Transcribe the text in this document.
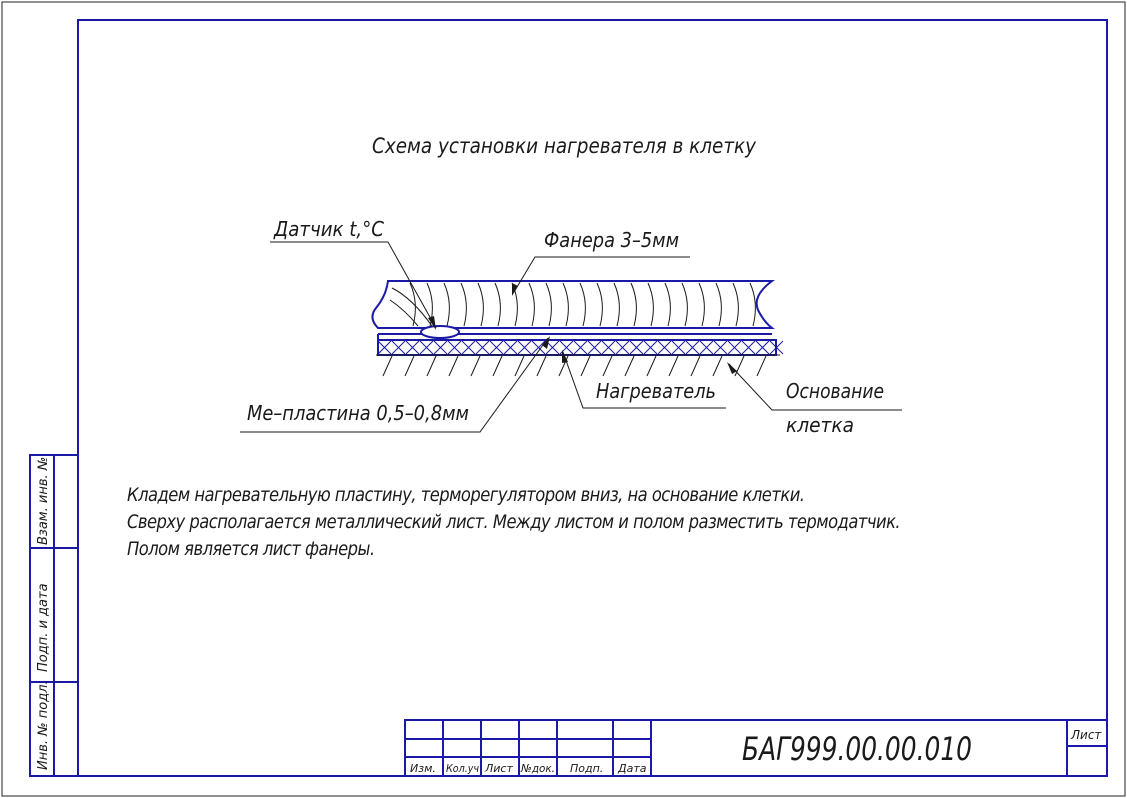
Взам. инв. №
Подп. и дата
Инв. № подл.	Изм. Кол.уч Лист №док. Подп. Дата
БАГ999.00.00.010	Лист
Схема установки нагревателя в клетку
Датчик t,°C	Фанера 3–5мм
Ме–пластина 0,5–0,8мм
Нагреватель	Основание
клетка
Кладем нагревательную пластину, терморегулятором вниз, на основание клетки.
Сверху располагается металлический лист. Между листом и полом разместить термодатчик.
Полом является лист фанеры.
